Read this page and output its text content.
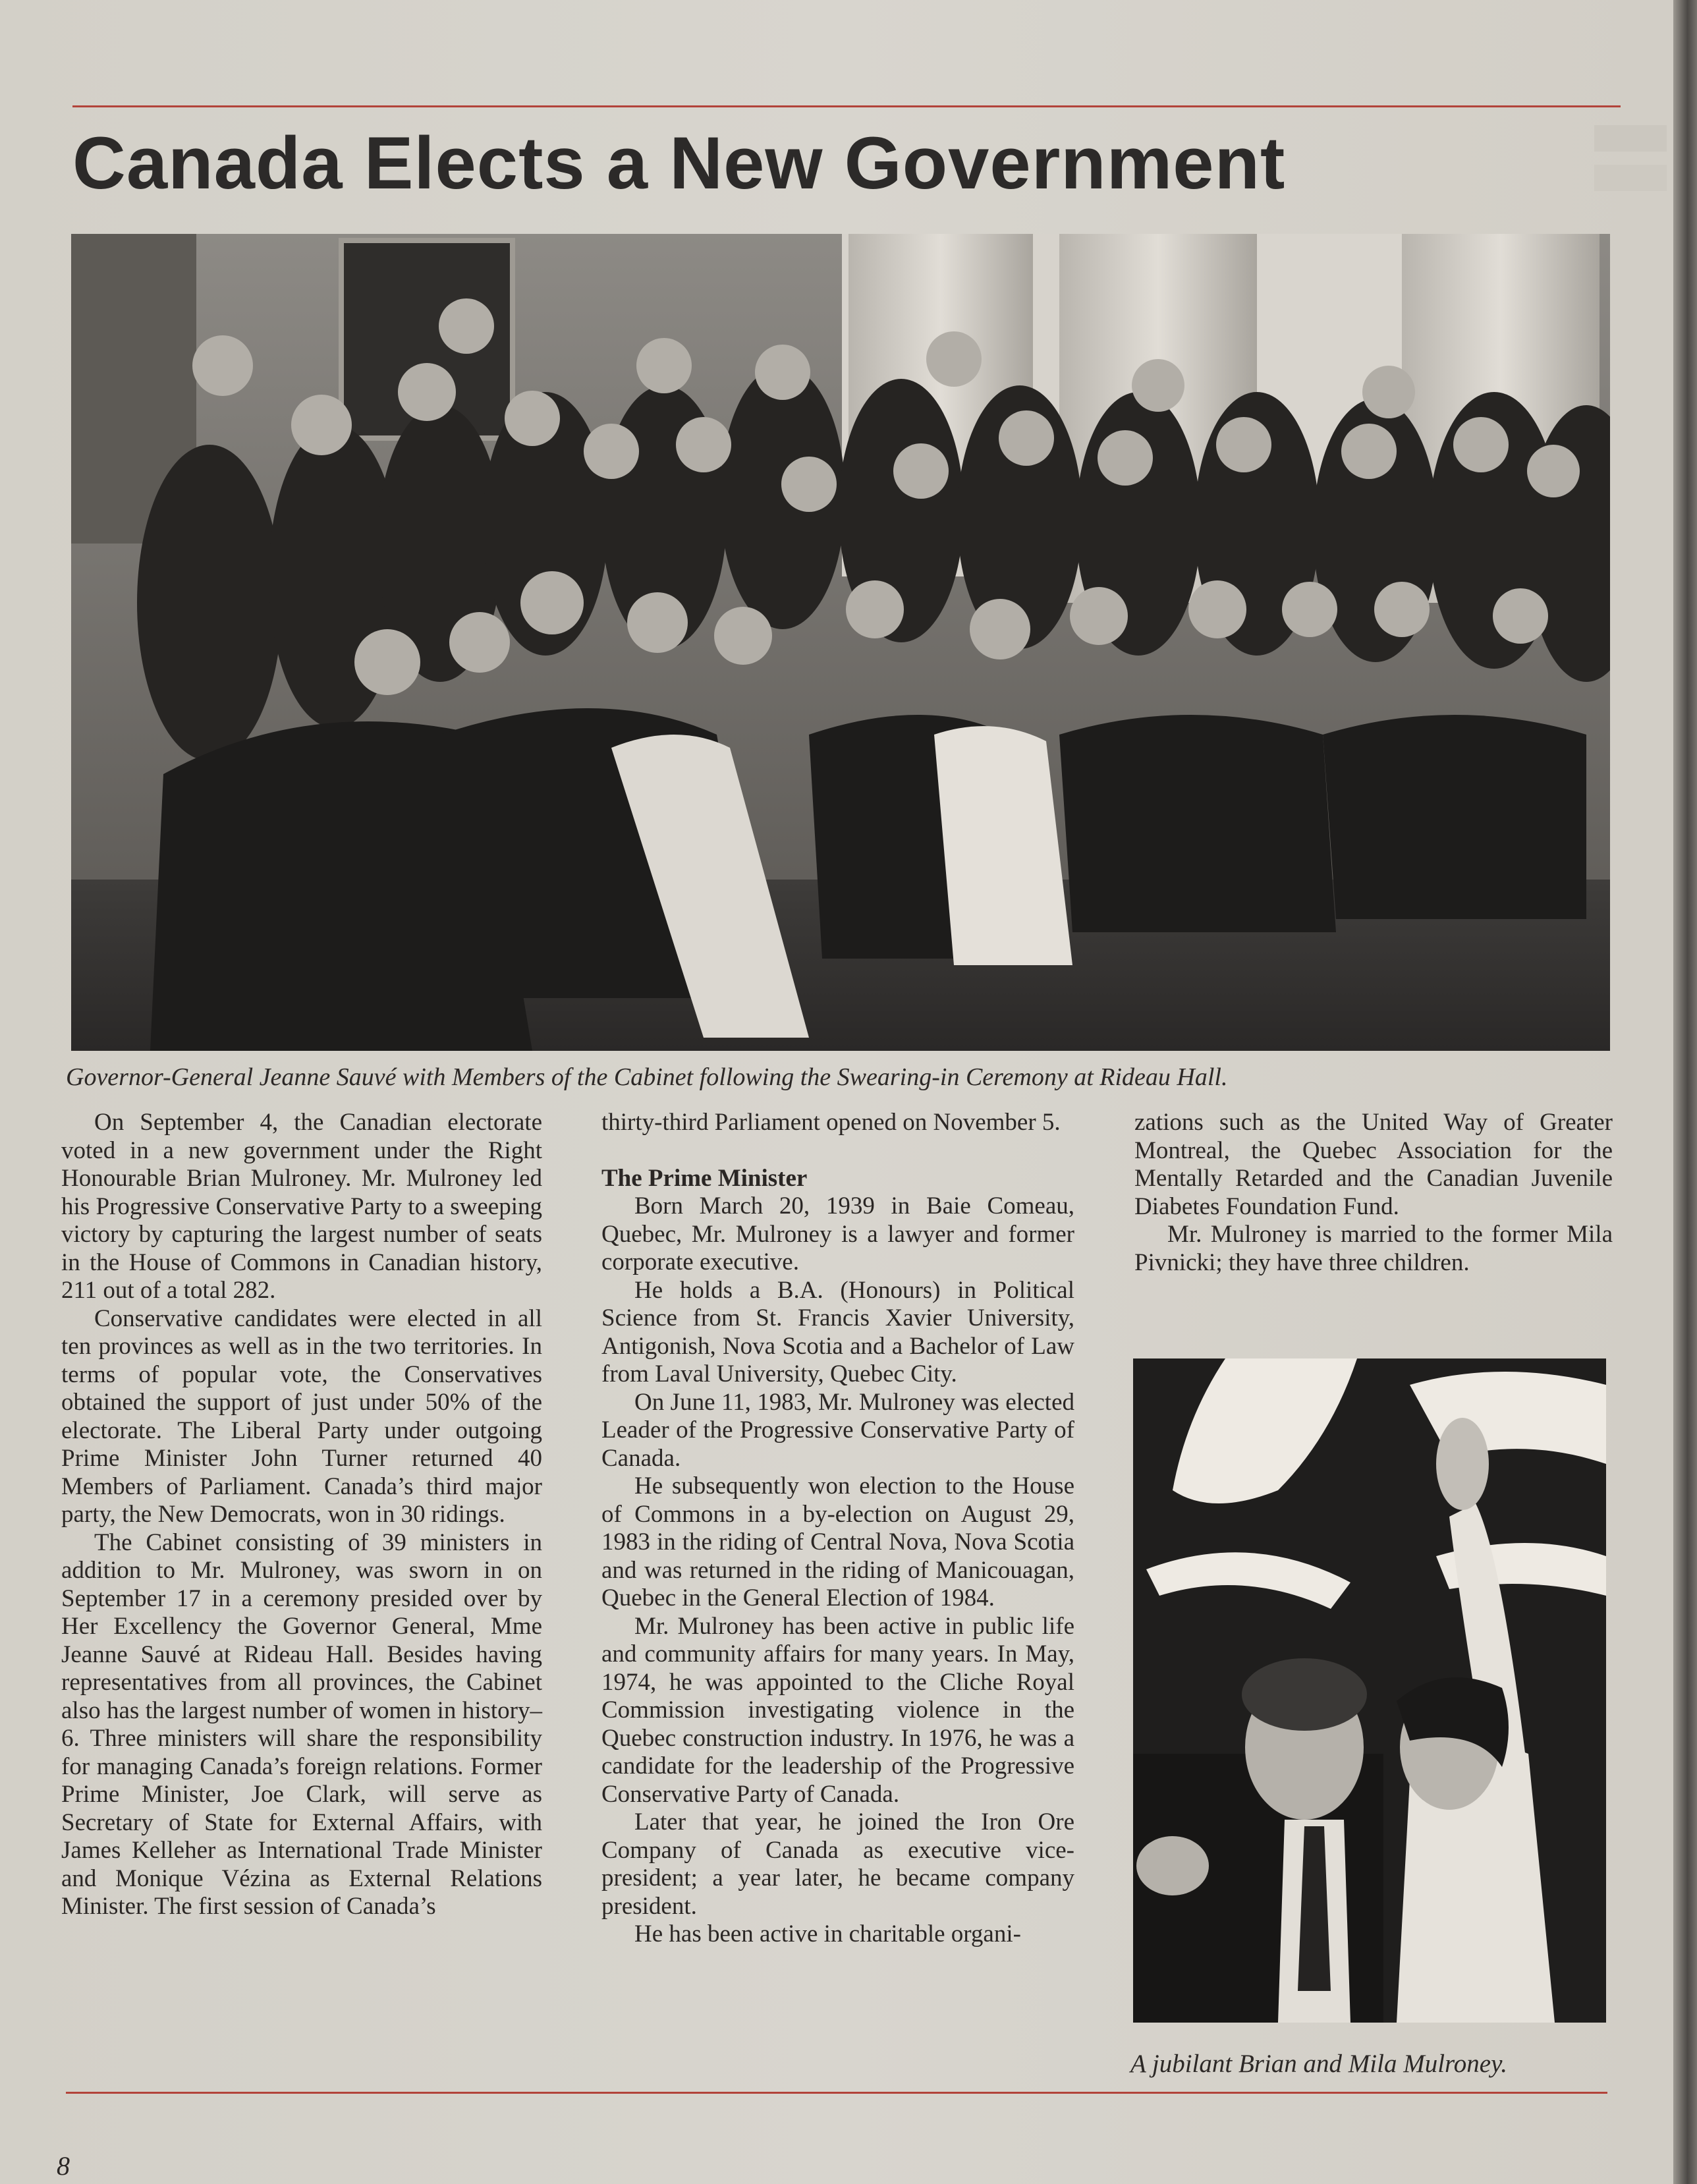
Canada Elects a New Government
Governor-General Jeanne Sauvé with Members of the Cabinet following the Swearing-in Ceremony at Rideau Hall.

On September 4, the Canadian electorate voted in a new government under the Right Honourable Brian Mulroney. Mr. Mulroney led his Progressive Conservative Party to a sweeping victory by capturing the largest number of seats in the House of Commons in Canadian history, 211 out of a total 282.

Conservative candidates were elected in all ten provinces as well as in the two territories. In terms of popular vote, the Conservatives obtained the support of just under 50% of the electorate. The Liberal Party under outgoing Prime Minister John Turner returned 40 Members of Parliament. Canada’s third major party, the New Democrats, won in 30 ridings.

The Cabinet consisting of 39 ministers in addition to Mr. Mulroney, was sworn in on September 17 in a ceremony presided over by Her Excellency the Governor General, Mme Jeanne Sauvé at Rideau Hall. Besides having representatives from all provinces, the Cabinet also has the largest number of women in history–6. Three ministers will share the responsibility for managing Canada’s foreign relations. Former Prime Minister, Joe Clark, will serve as Secretary of State for External Affairs, with James Kelleher as International Trade Minister and Monique Vézina as External Relations Minister. The first session of Canada’s

thirty-third Parliament opened on November 5.

The Prime Minister

Born March 20, 1939 in Baie Comeau, Quebec, Mr. Mulroney is a lawyer and former corporate executive.

He holds a B.A. (Honours) in Political Science from St. Francis Xavier University, Antigonish, Nova Scotia and a Bachelor of Law from Laval University, Quebec City.

On June 11, 1983, Mr. Mulroney was elected Leader of the Progressive Conservative Party of Canada.

He subsequently won election to the House of Commons in a by-election on August 29, 1983 in the riding of Central Nova, Nova Scotia and was returned in the riding of Manicouagan, Quebec in the General Election of 1984.

Mr. Mulroney has been active in public life and community affairs for many years. In May, 1974, he was appointed to the Cliche Royal Commission investigating violence in the Quebec construction industry. In 1976, he was a candidate for the leadership of the Progressive Conservative Party of Canada.

Later that year, he joined the Iron Ore Company of Canada as executive vice-president; a year later, he became company president.

He has been active in charitable organi-

zations such as the United Way of Greater Montreal, the Quebec Association for the Mentally Retarded and the Canadian Juvenile Diabetes Foundation Fund.

Mr. Mulroney is married to the former Mila Pivnicki; they have three children.

A jubilant Brian and Mila Mulroney.
8
